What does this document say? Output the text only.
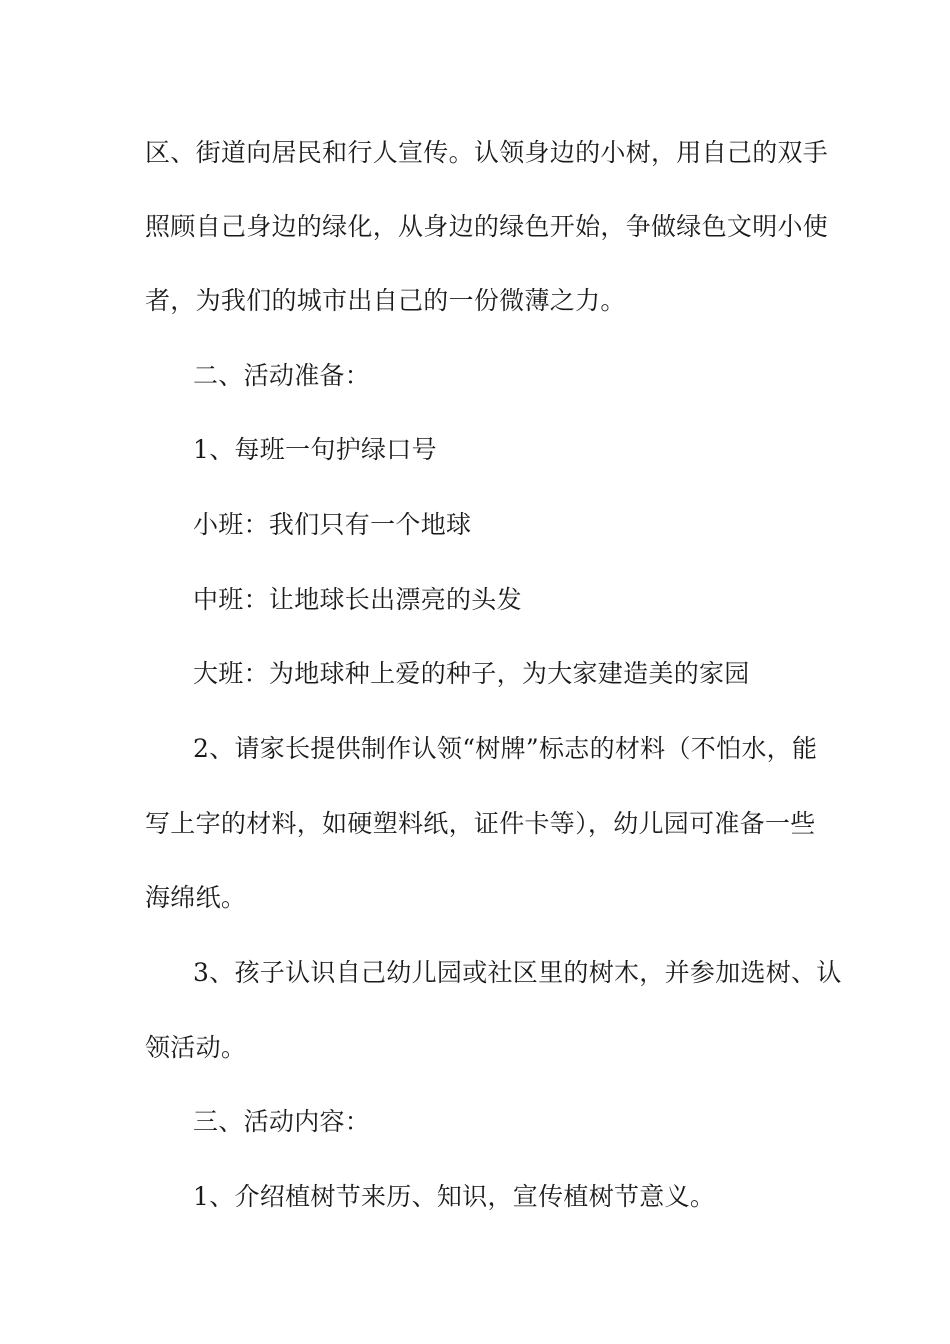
区、街道向居民和行人宣传。认领身边的小树，用自己的双手
照顾自己身边的绿化，从身边的绿色开始，争做绿色文明小使
者，为我们的城市出自己的一份微薄之力。
二、活动准备：
1、每班一句护绿口号
小班：我们只有一个地球
中班：让地球长出漂亮的头发
大班：为地球种上爱的种子，为大家建造美的家园
2、请家长提供制作认领“树牌”标志的材料（不怕水，能
写上字的材料，如硬塑料纸，证件卡等），幼儿园可准备一些
海绵纸。
3、孩子认识自己幼儿园或社区里的树木，并参加选树、认
领活动。
三、活动内容：
1、介绍植树节来历、知识，宣传植树节意义。
